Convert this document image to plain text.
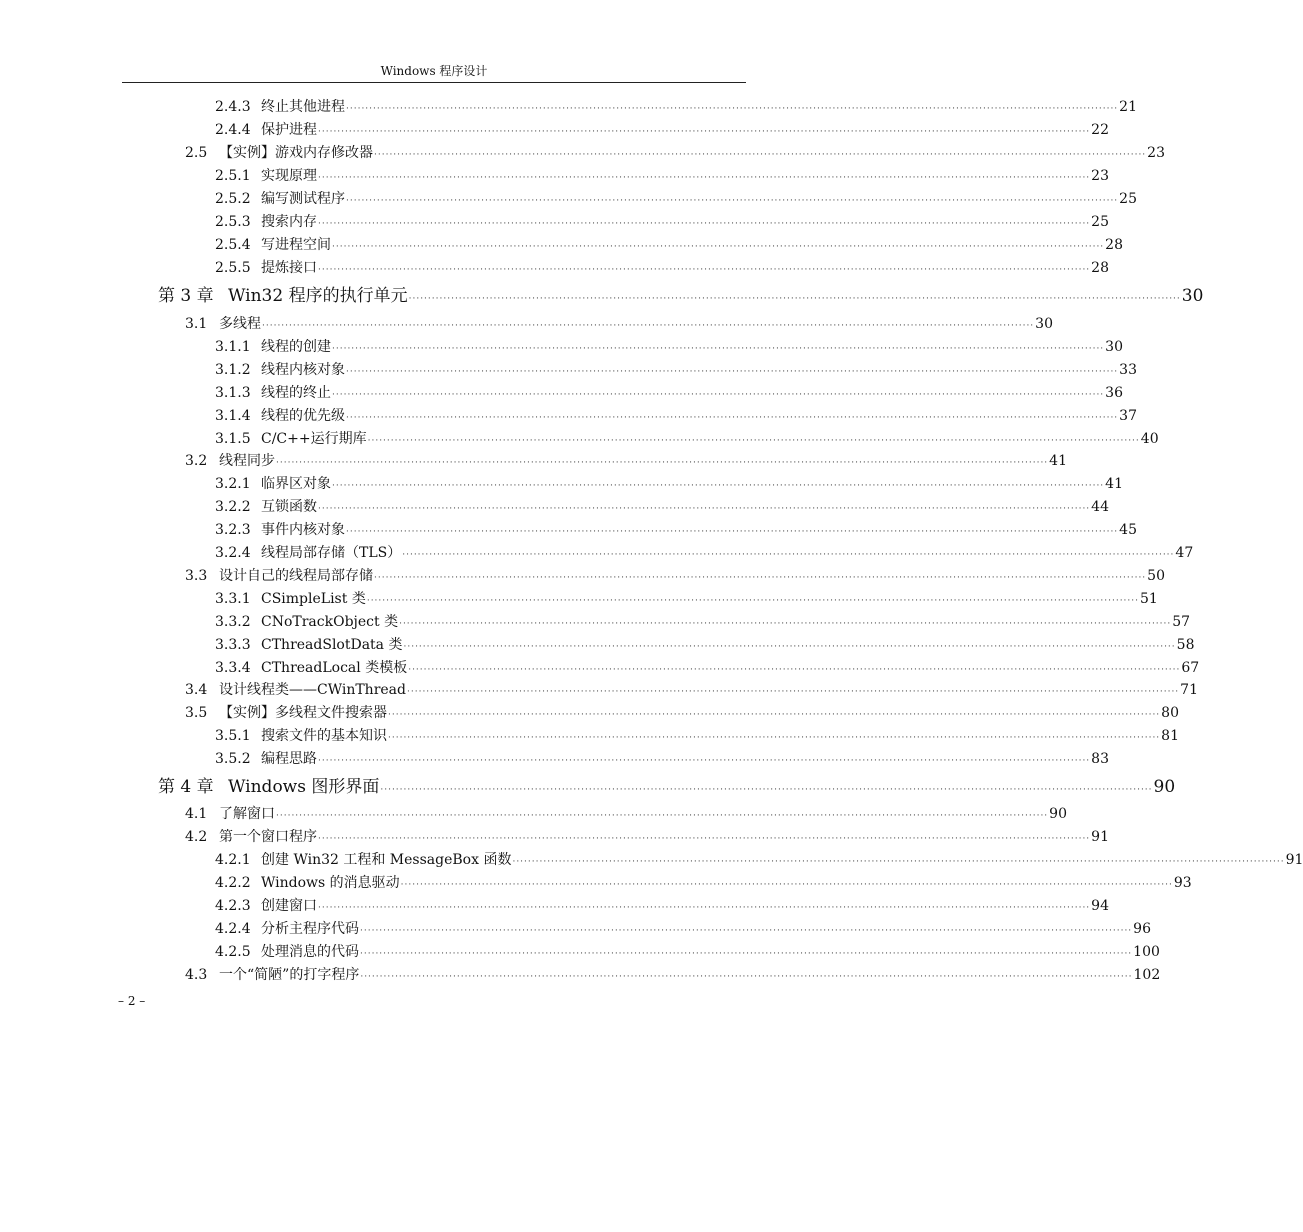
Windows 程序设计
2.4.3 终止其他进程 ········································································································································································································ 21
2.4.4 保护进程 ········································································································································································································ 22
2.5 【实例】游戏内存修改器 ········································································································································································································ 23
2.5.1 实现原理 ········································································································································································································ 23
2.5.2 编写测试程序 ········································································································································································································ 25
2.5.3 搜索内存 ········································································································································································································ 25
2.5.4 写进程空间 ········································································································································································································ 28
2.5.5 提炼接口 ········································································································································································································ 28
第 3 章 Win32 程序的执行单元 ········································································································································································································ 30
3.1 多线程 ········································································································································································································ 30
3.1.1 线程的创建 ········································································································································································································ 30
3.1.2 线程内核对象 ········································································································································································································ 33
3.1.3 线程的终止 ········································································································································································································ 36
3.1.4 线程的优先级 ········································································································································································································ 37
3.1.5 C/C++运行期库 ········································································································································································································ 40
3.2 线程同步 ········································································································································································································ 41
3.2.1 临界区对象 ········································································································································································································ 41
3.2.2 互锁函数 ········································································································································································································ 44
3.2.3 事件内核对象 ········································································································································································································ 45
3.2.4 线程局部存储（TLS） ········································································································································································································ 47
3.3 设计自己的线程局部存储 ········································································································································································································ 50
3.3.1 CSimpleList 类 ········································································································································································································ 51
3.3.2 CNoTrackObject 类 ········································································································································································································ 57
3.3.3 CThreadSlotData 类 ········································································································································································································ 58
3.3.4 CThreadLocal 类模板 ········································································································································································································ 67
3.4 设计线程类——CWinThread ········································································································································································································ 71
3.5 【实例】多线程文件搜索器 ········································································································································································································ 80
3.5.1 搜索文件的基本知识 ········································································································································································································ 81
3.5.2 编程思路 ········································································································································································································ 83
第 4 章 Windows 图形界面 ········································································································································································································ 90
4.1 了解窗口 ········································································································································································································ 90
4.2 第一个窗口程序 ········································································································································································································ 91
4.2.1 创建 Win32 工程和 MessageBox 函数 ········································································································································································································ 91
4.2.2 Windows 的消息驱动 ········································································································································································································ 93
4.2.3 创建窗口 ········································································································································································································ 94
4.2.4 分析主程序代码 ········································································································································································································ 96
4.2.5 处理消息的代码 ········································································································································································································ 100
4.3 一个“简陋”的打字程序 ········································································································································································································ 102
– 2 –
